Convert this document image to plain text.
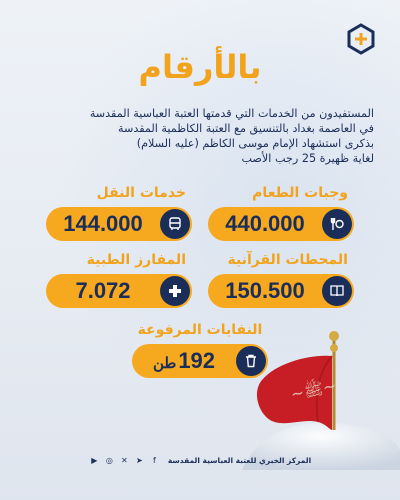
بالأرقام
المستفيدون من الخدمات التي قدمتها العتبة العباسية المقدسة
في العاصمة بغداد بالتنسيق مع العتبة الكاظمية المقدسة
بذكرى استشهاد الإمام موسى الكاظم (عليه السلام)
لغاية ظهيرة 25 رجب الأصب
وجبات الطعام
440.000
خدمات النقل
144.000
المحطات القرآنية
150.500
المفارز الطبية
7.072
النفايات المرفوعة
192طن
~ﷺ~
▶	◎ ✕ ➤	f	المركز الخبري للعتبة العباسية المقدسة
